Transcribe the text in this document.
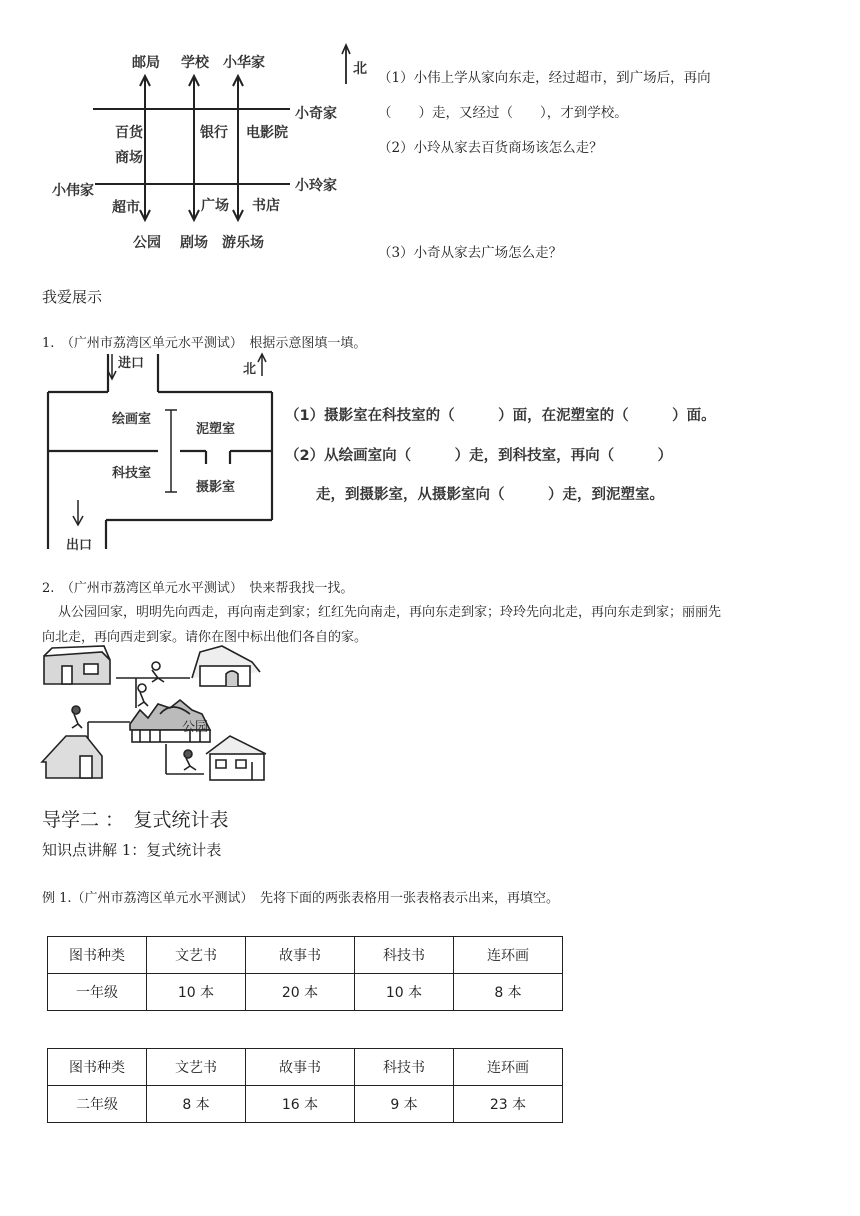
北
邮局 学校 小华家
小奇家
百货
商场
银行 电影院
小伟家	小玲家
超市	广场 书店
公园 剧场 游乐场
（1）小伟上学从家向东走，经过超市，到广场后，再向
（　　）走，又经过（　　），才到学校。
（2）小玲从家去百货商场该怎么走？
（3）小奇从家去广场怎么走？
我爱展示
1.　（广州市荔湾区单元水平测试）　根据示意图填一填。
进口	北
绘画室
泥塑室
科技室
摄影室
出口
（1）摄影室在科技室的（　　　）面，在泥塑室的（　　　）面。
（2）从绘画室向（　　　）走，到科技室，再向（　　　）
走，到摄影室，从摄影室向（　　　）走，到泥塑室。
2.　（广州市荔湾区单元水平测试）　快来帮我找一找。
从公园回家，明明先向西走，再向南走到家；红红先向南走，再向东走到家；玲玲先向北走，再向东走到家；丽丽先
向北走，再向西走到家。请你在图中标出他们各自的家。
公园
导学二 ：　复式统计表
知识点讲解 1：复式统计表
例 1.（广州市荔湾区单元水平测试）　先将下面的两张表格用一张表格表示出来，再填空。
图书种类	文艺书	故事书	科技书	连环画
一年级	10 本	20 本	10 本	8 本
图书种类	文艺书	故事书	科技书	连环画
二年级	8 本	16 本	9 本	23 本
